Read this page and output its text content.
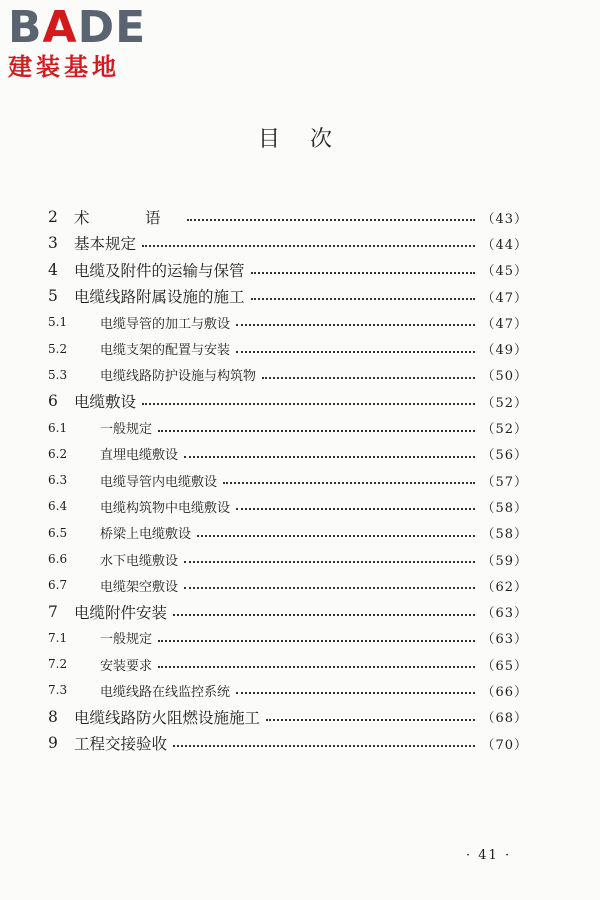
BADE
建装基地
目次
2	术　语	（43）
3	基本规定	（44）
4	电缆及附件的运输与保管	（45）
5	电缆线路附属设施的施工	（47）
5.1	电缆导管的加工与敷设	（47）
5.2	电缆支架的配置与安装	（49）
5.3	电缆线路防护设施与构筑物	（50）
6	电缆敷设	（52）
6.1	一般规定	（52）
6.2	直埋电缆敷设	（56）
6.3	电缆导管内电缆敷设	（57）
6.4	电缆构筑物中电缆敷设	（58）
6.5	桥梁上电缆敷设	（58）
6.6	水下电缆敷设	（59）
6.7	电缆架空敷设	（62）
7	电缆附件安装	（63）
7.1	一般规定	（63）
7.2	安装要求	（65）
7.3	电缆线路在线监控系统	（66）
8	电缆线路防火阻燃设施施工	（68）
9	工程交接验收	（70）
· 41 ·
